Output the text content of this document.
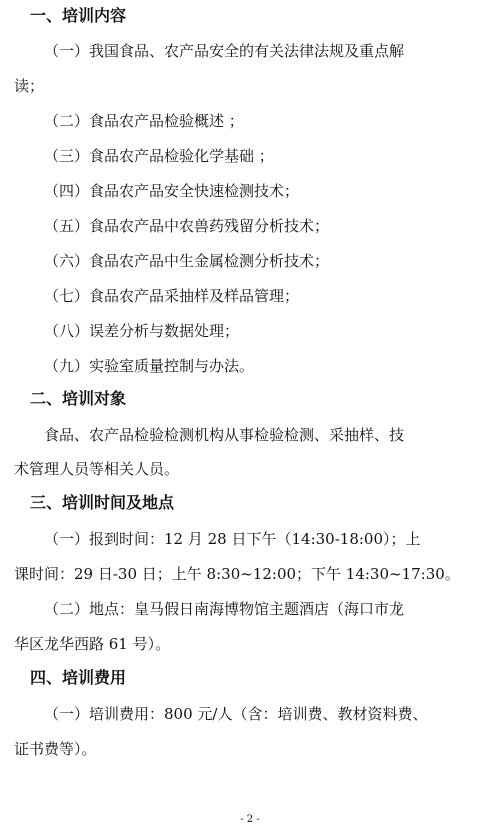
一、培训内容
（一）我国食品、农产品安全的有关法律法规及重点解
读；
（二）食品农产品检验概述 ；
（三）食品农产品检验化学基础 ；
（四）食品农产品安全快速检测技术；
（五）食品农产品中农兽药残留分析技术；
（六）食品农产品中生金属检测分析技术；
（七）食品农产品采抽样及样品管理；
（八）误差分析与数据处理；
（九）实验室质量控制与办法。
二、培训对象
食品、农产品检验检测机构从事检验检测、采抽样、技
术管理人员等相关人员。
三、培训时间及地点
（一）报到时间：12 月 28 日下午（14:30-18:00）；上
课时间：29 日-30 日；上午 8:30~12:00；下午 14:30~17:30。
（二）地点：皇马假日南海博物馆主题酒店（海口市龙
华区龙华西路 61 号）。
四、培训费用
（一）培训费用：800 元/人（含：培训费、教材资料费、
证书费等）。
- 2 -
